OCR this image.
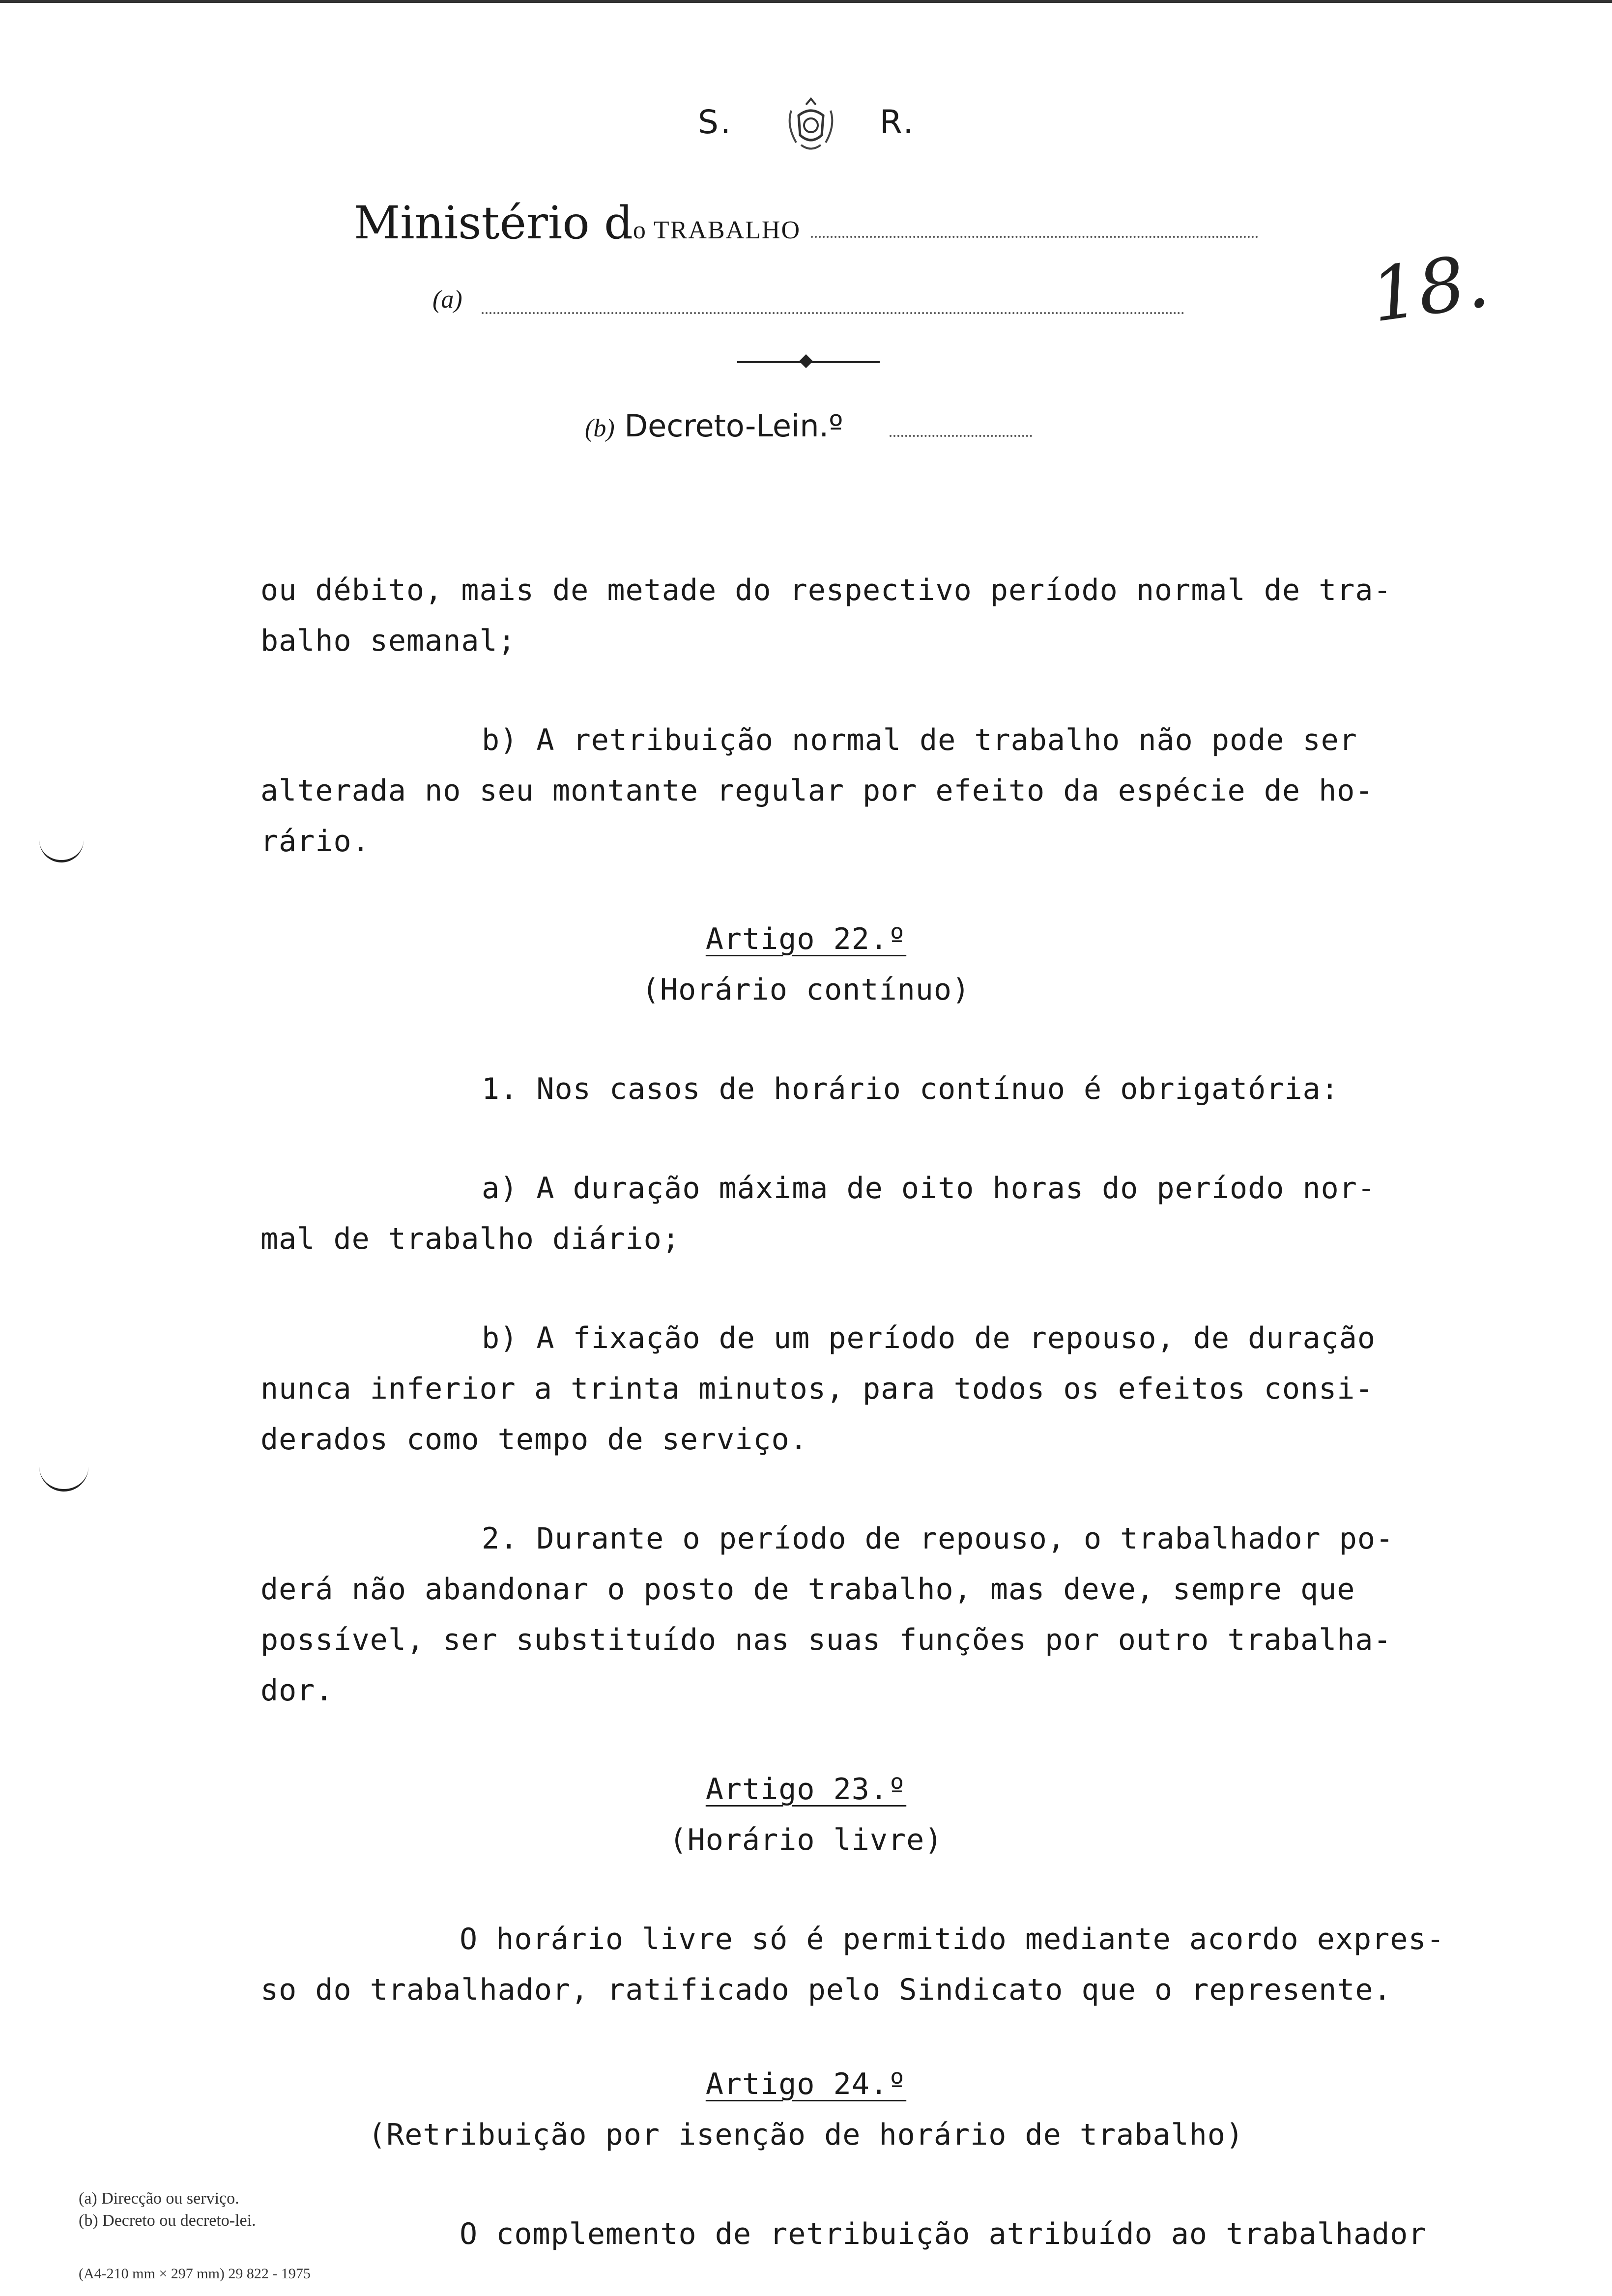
S.	R.
Ministério do TRABALHO
(a)
(b) Decreto-Lein.º
18.
ou débito, mais de metade do respectivo período normal de tra-
balho semanal;
b) A retribuição normal de trabalho não pode ser
alterada no seu montante regular por efeito da espécie de ho-
rário.
Artigo 22.º
(Horário contínuo)
1. Nos casos de horário contínuo é obrigatória:
a) A duração máxima de oito horas do período nor-
mal de trabalho diário;
b) A fixação de um período de repouso, de duração
nunca inferior a trinta minutos, para todos os efeitos consi-
derados como tempo de serviço.
2. Durante o período de repouso, o trabalhador po-
derá não abandonar o posto de trabalho, mas deve, sempre que
possível, ser substituído nas suas funções por outro trabalha-
dor.
Artigo 23.º
(Horário livre)
O horário livre só é permitido mediante acordo expres-
so do trabalhador, ratificado pelo Sindicato que o represente.
Artigo 24.º
(Retribuição por isenção de horário de trabalho)
O complemento de retribuição atribuído ao trabalhador
(a) Direcção ou serviço.
(b) Decreto ou decreto-lei.
(A4-210 mm × 297 mm) 29 822 - 1975
